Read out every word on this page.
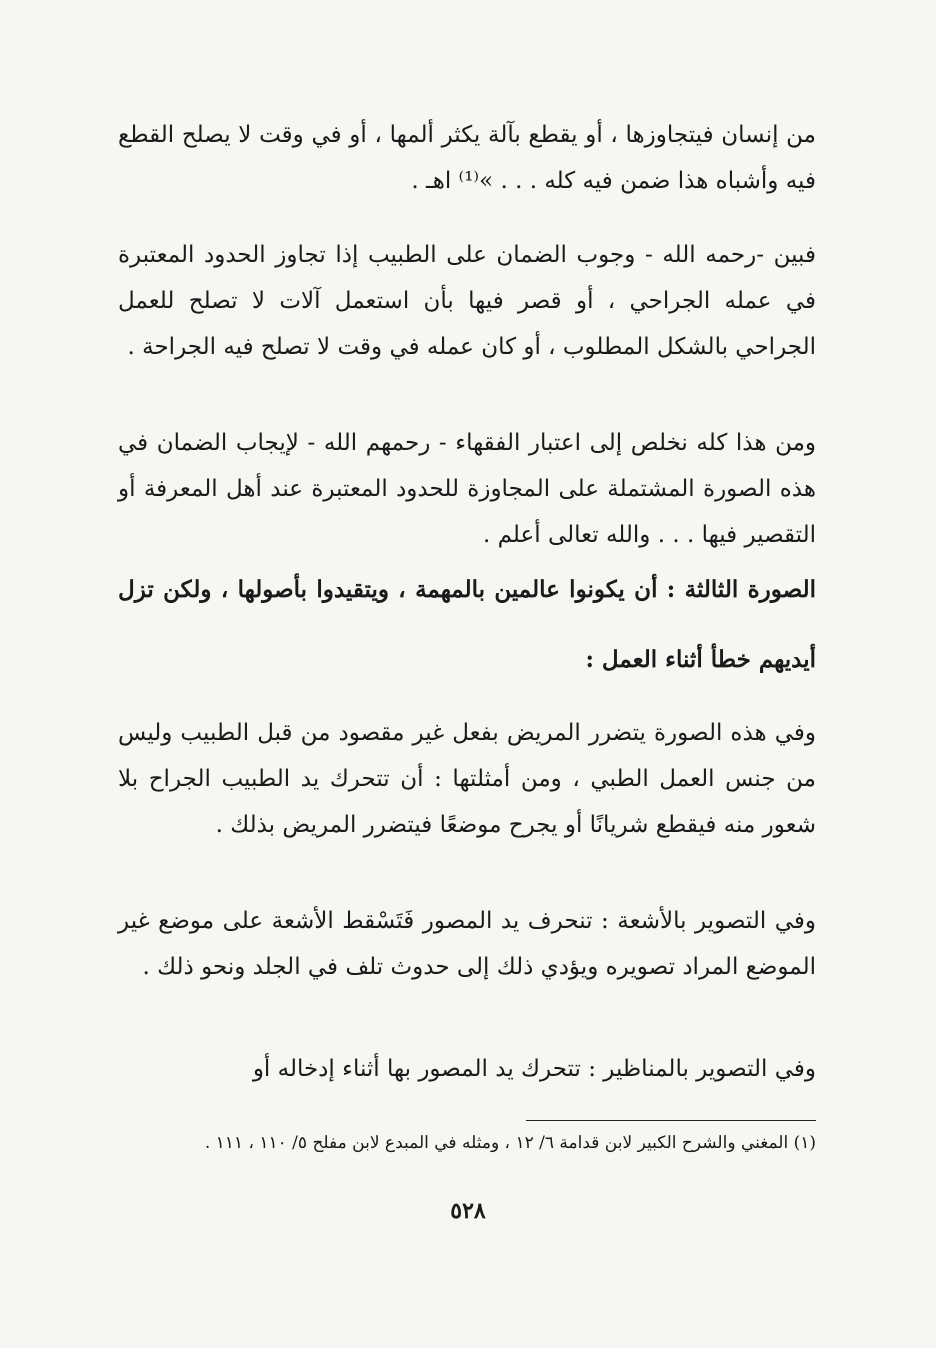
من إنسان فيتجاوزها ، أو يقطع بآلة يكثر ألمها ، أو في وقت لا يصلح القطع فيه وأشباه هذا ضمن فيه كله . . . »⁽¹⁾ اهـ .

فبين -رحمه الله - وجوب الضمان على الطبيب إذا تجاوز الحدود المعتبرة في عمله الجراحي ، أو قصر فيها بأن استعمل آلات لا تصلح للعمل الجراحي بالشكل المطلوب ، أو كان عمله في وقت لا تصلح فيه الجراحة .

ومن هذا كله نخلص إلى اعتبار الفقهاء - رحمهم الله - لإيجاب الضمان في هذه الصورة المشتملة على المجاوزة للحدود المعتبرة عند أهل المعرفة أو التقصير فيها . . . والله تعالى أعلم .

الصورة الثالثة : أن يكونوا عالمين بالمهمة ، ويتقيدوا بأصولها ، ولكن تزل أيديهم خطأ أثناء العمل :

وفي هذه الصورة يتضرر المريض بفعل غير مقصود من قبل الطبيب وليس من جنس العمل الطبي ، ومن أمثلتها : أن تتحرك يد الطبيب الجراح بلا شعور منه فيقطع شريانًا أو يجرح موضعًا فيتضرر المريض بذلك .

وفي التصوير بالأشعة : تنحرف يد المصور فَتَسْقط الأشعة على موضع غير الموضع المراد تصويره ويؤدي ذلك إلى حدوث تلف في الجلد ونحو ذلك .

وفي التصوير بالمناظير : تتحرك يد المصور بها أثناء إدخاله أو

(١) المغني والشرح الكبير لابن قدامة ٦/ ١٢ ، ومثله في المبدع لابن مفلح ٥/ ١١٠ ، ١١١ .

٥٢٨
